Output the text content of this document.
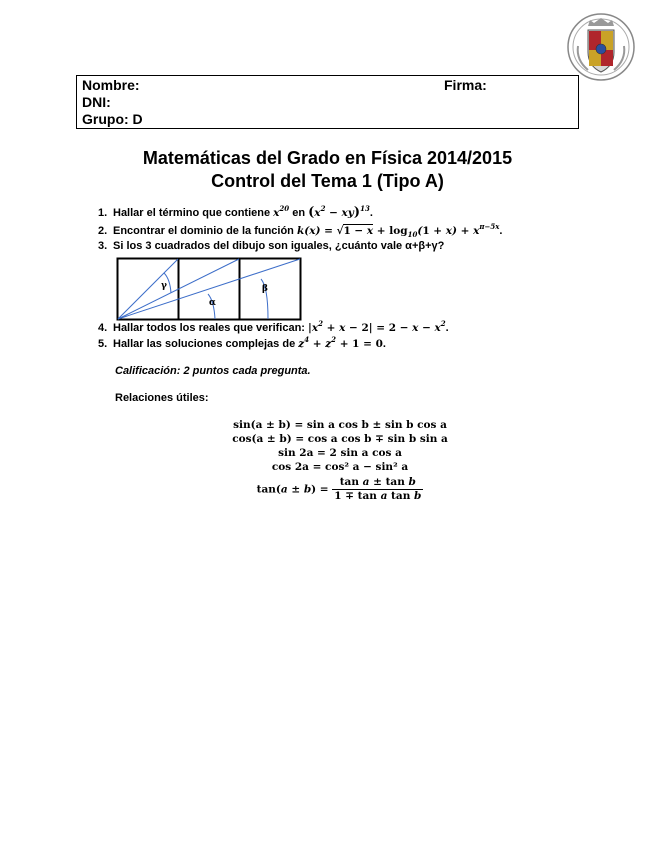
Nombre:	Firma:
DNI:
Grupo: D
Matemáticas del Grado en Física 2014/2015
Control del Tema 1 (Tipo A)
1. Hallar el término que contiene $x^{20}$ en $(x^2 - xy)^{13}$.
2. Encontrar el dominio de la función $k(x) = √1 - x + \log_{10}(1 + x) + x^{\pi-5x}$.
3. Si los 3 cuadrados del dibujo son iguales, ¿cuánto vale α+β+γ?
γ
α
β
4. Hallar todos los reales que verifican: $|x^2 + x - 2| = 2 - x - x^2$.
5. Hallar las soluciones complejas de $z^4 + z^2 + 1 = 0$.
Calificación: 2 puntos cada pregunta.
Relaciones útiles:
sin(a ± b) = sin a cos b ± sin b cos a
cos(a ± b) = cos a cos b ∓ sin b sin a
sin 2a = 2 sin a cos a
cos 2a = cos² a − sin² a
$\tan(a \pm b) = \frac{\text{tan a ± tan b}}{\text{1 ∓ tan a tan b}}$
